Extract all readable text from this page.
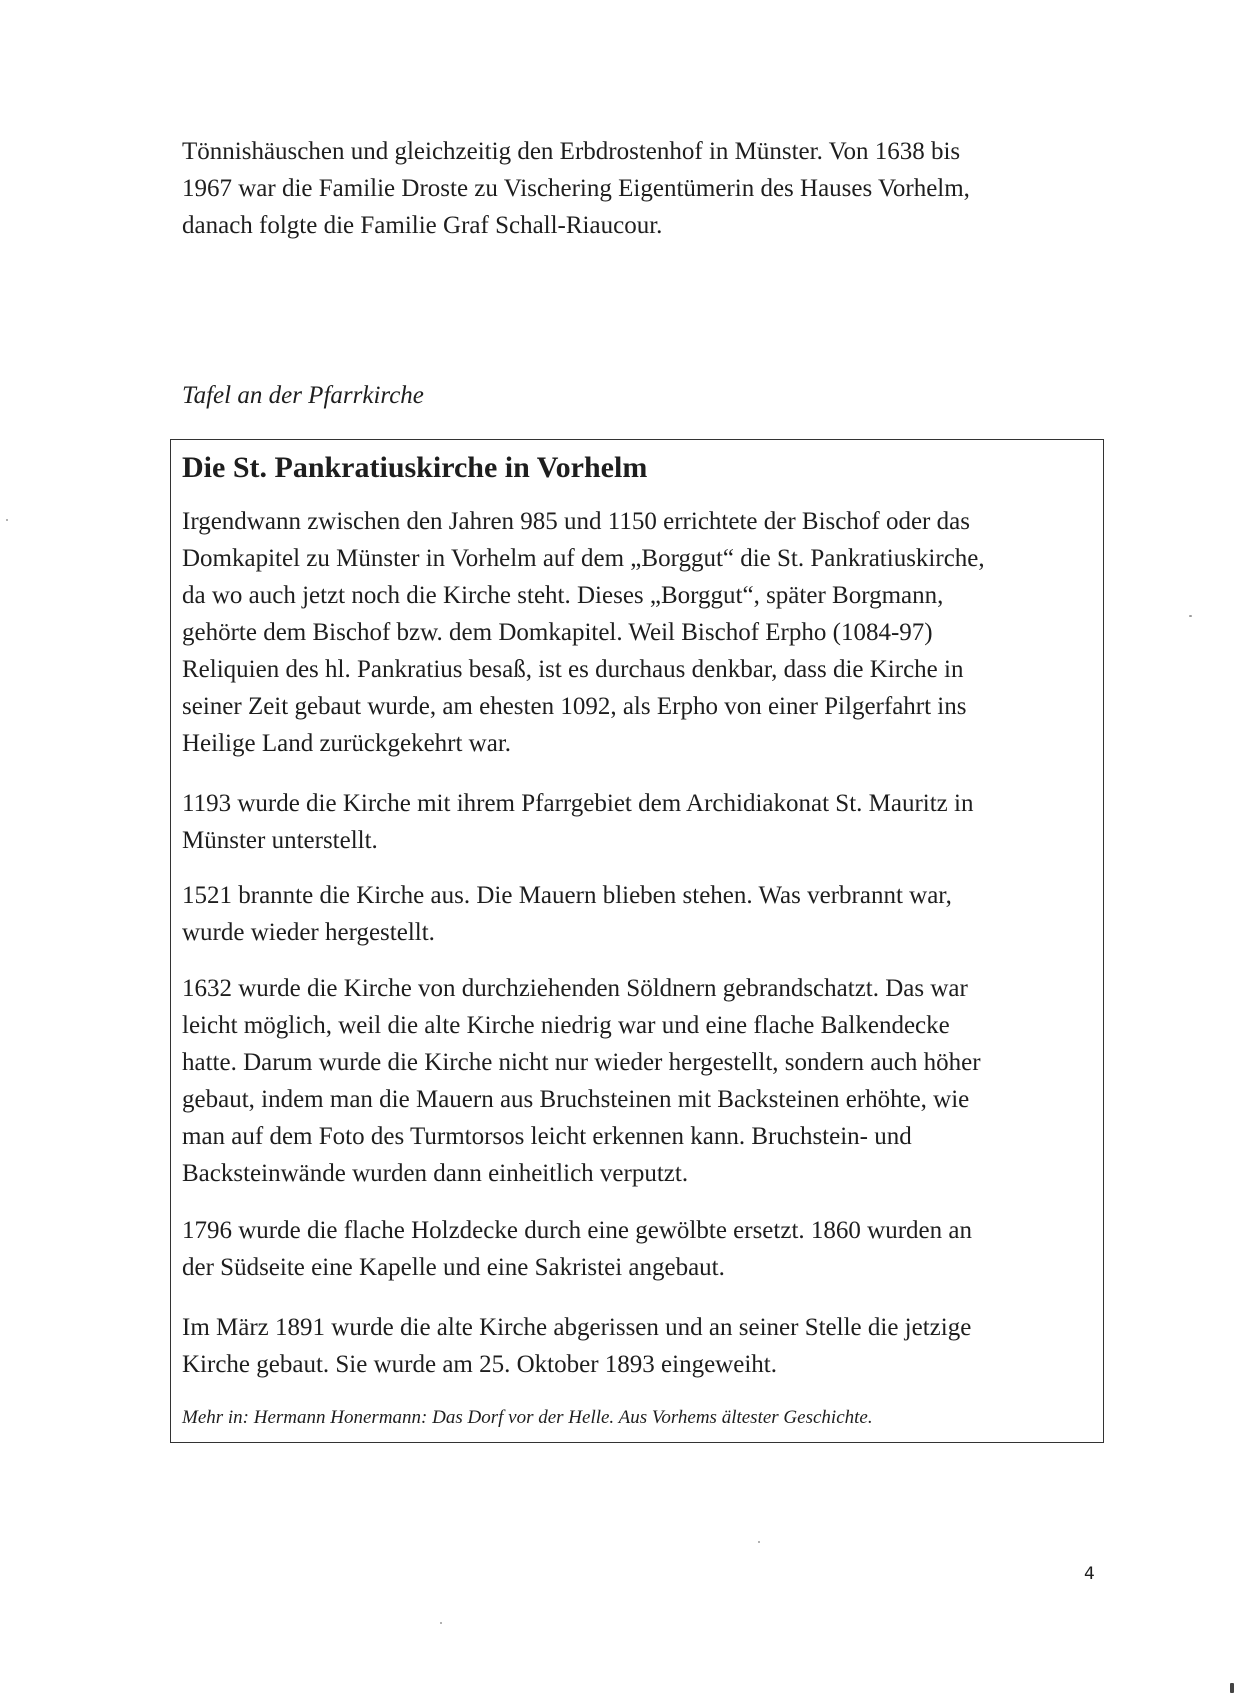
Tönnishäuschen und gleichzeitig den Erbdrostenhof in Münster. Von 1638 bis
1967 war die Familie Droste zu Vischering Eigentümerin des Hauses Vorhelm,
danach folgte die Familie Graf Schall-Riaucour.

Tafel an der Pfarrkirche

Die St. Pankratiuskirche in Vorhelm
Irgendwann zwischen den Jahren 985 und 1150 errichtete der Bischof oder das
Domkapitel zu Münster in Vorhelm auf dem „Borggut“ die St. Pankratiuskirche,
da wo auch jetzt noch die Kirche steht. Dieses „Borggut“, später Borgmann,
gehörte dem Bischof bzw. dem Domkapitel. Weil Bischof Erpho (1084-97)
Reliquien des hl. Pankratius besaß, ist es durchaus denkbar, dass die Kirche in
seiner Zeit gebaut wurde, am ehesten 1092, als Erpho von einer Pilgerfahrt ins
Heilige Land zurückgekehrt war.
1193 wurde die Kirche mit ihrem Pfarrgebiet dem Archidiakonat St. Mauritz in
Münster unterstellt.
1521 brannte die Kirche aus. Die Mauern blieben stehen. Was verbrannt war,
wurde wieder hergestellt.
1632 wurde die Kirche von durchziehenden Söldnern gebrandschatzt. Das war
leicht möglich, weil die alte Kirche niedrig war und eine flache Balkendecke
hatte. Darum wurde die Kirche nicht nur wieder hergestellt, sondern auch höher
gebaut, indem man die Mauern aus Bruchsteinen mit Backsteinen erhöhte, wie
man auf dem Foto des Turmtorsos leicht erkennen kann. Bruchstein- und
Backsteinwände wurden dann einheitlich verputzt.
1796 wurde die flache Holzdecke durch eine gewölbte ersetzt. 1860 wurden an
der Südseite eine Kapelle und eine Sakristei angebaut.
Im März 1891 wurde die alte Kirche abgerissen und an seiner Stelle die jetzige
Kirche gebaut. Sie wurde am 25. Oktober 1893 eingeweiht.

Mehr in: Hermann Honermann: Das Dorf vor der Helle. Aus Vorhems ältester Geschichte.

4
